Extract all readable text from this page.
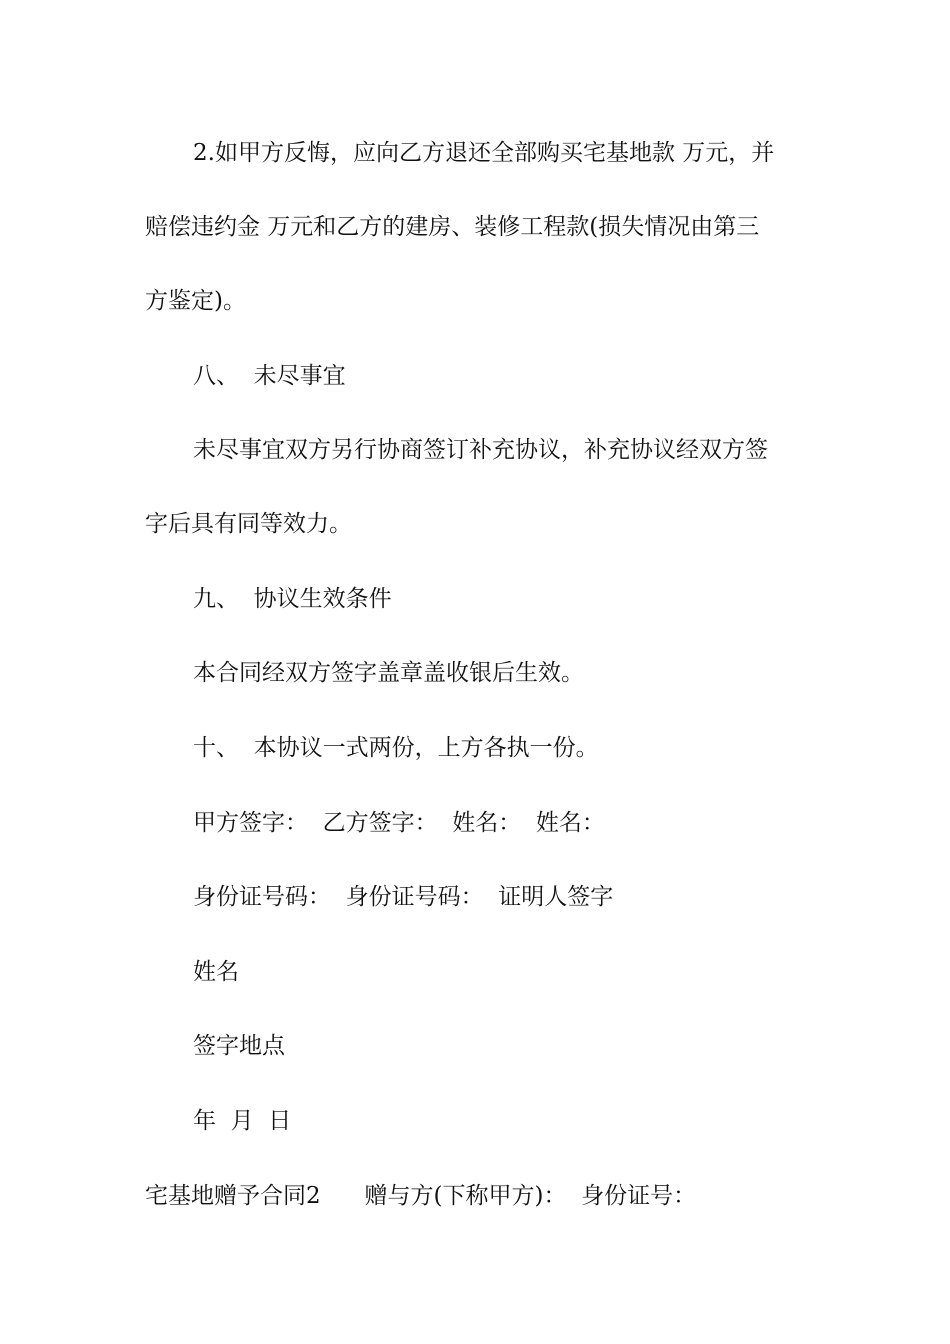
2.如甲方反悔，应向乙方退还全部购买宅基地款 万元，并
赔偿违约金 万元和乙方的建房、装修工程款(损失情况由第三
方鉴定)。
八、  未尽事宜
未尽事宜双方另行协商签订补充协议，补充协议经双方签
字后具有同等效力。
九、  协议生效条件
本合同经双方签字盖章盖收银后生效。
十、  本协议一式两份，上方各执一份。
甲方签字：  乙方签字：  姓名：  姓名：
身份证号码：  身份证号码：  证明人签字
姓名
签字地点
年  月  日
宅基地赠予合同2      赠与方(下称甲方)：  身份证号：
